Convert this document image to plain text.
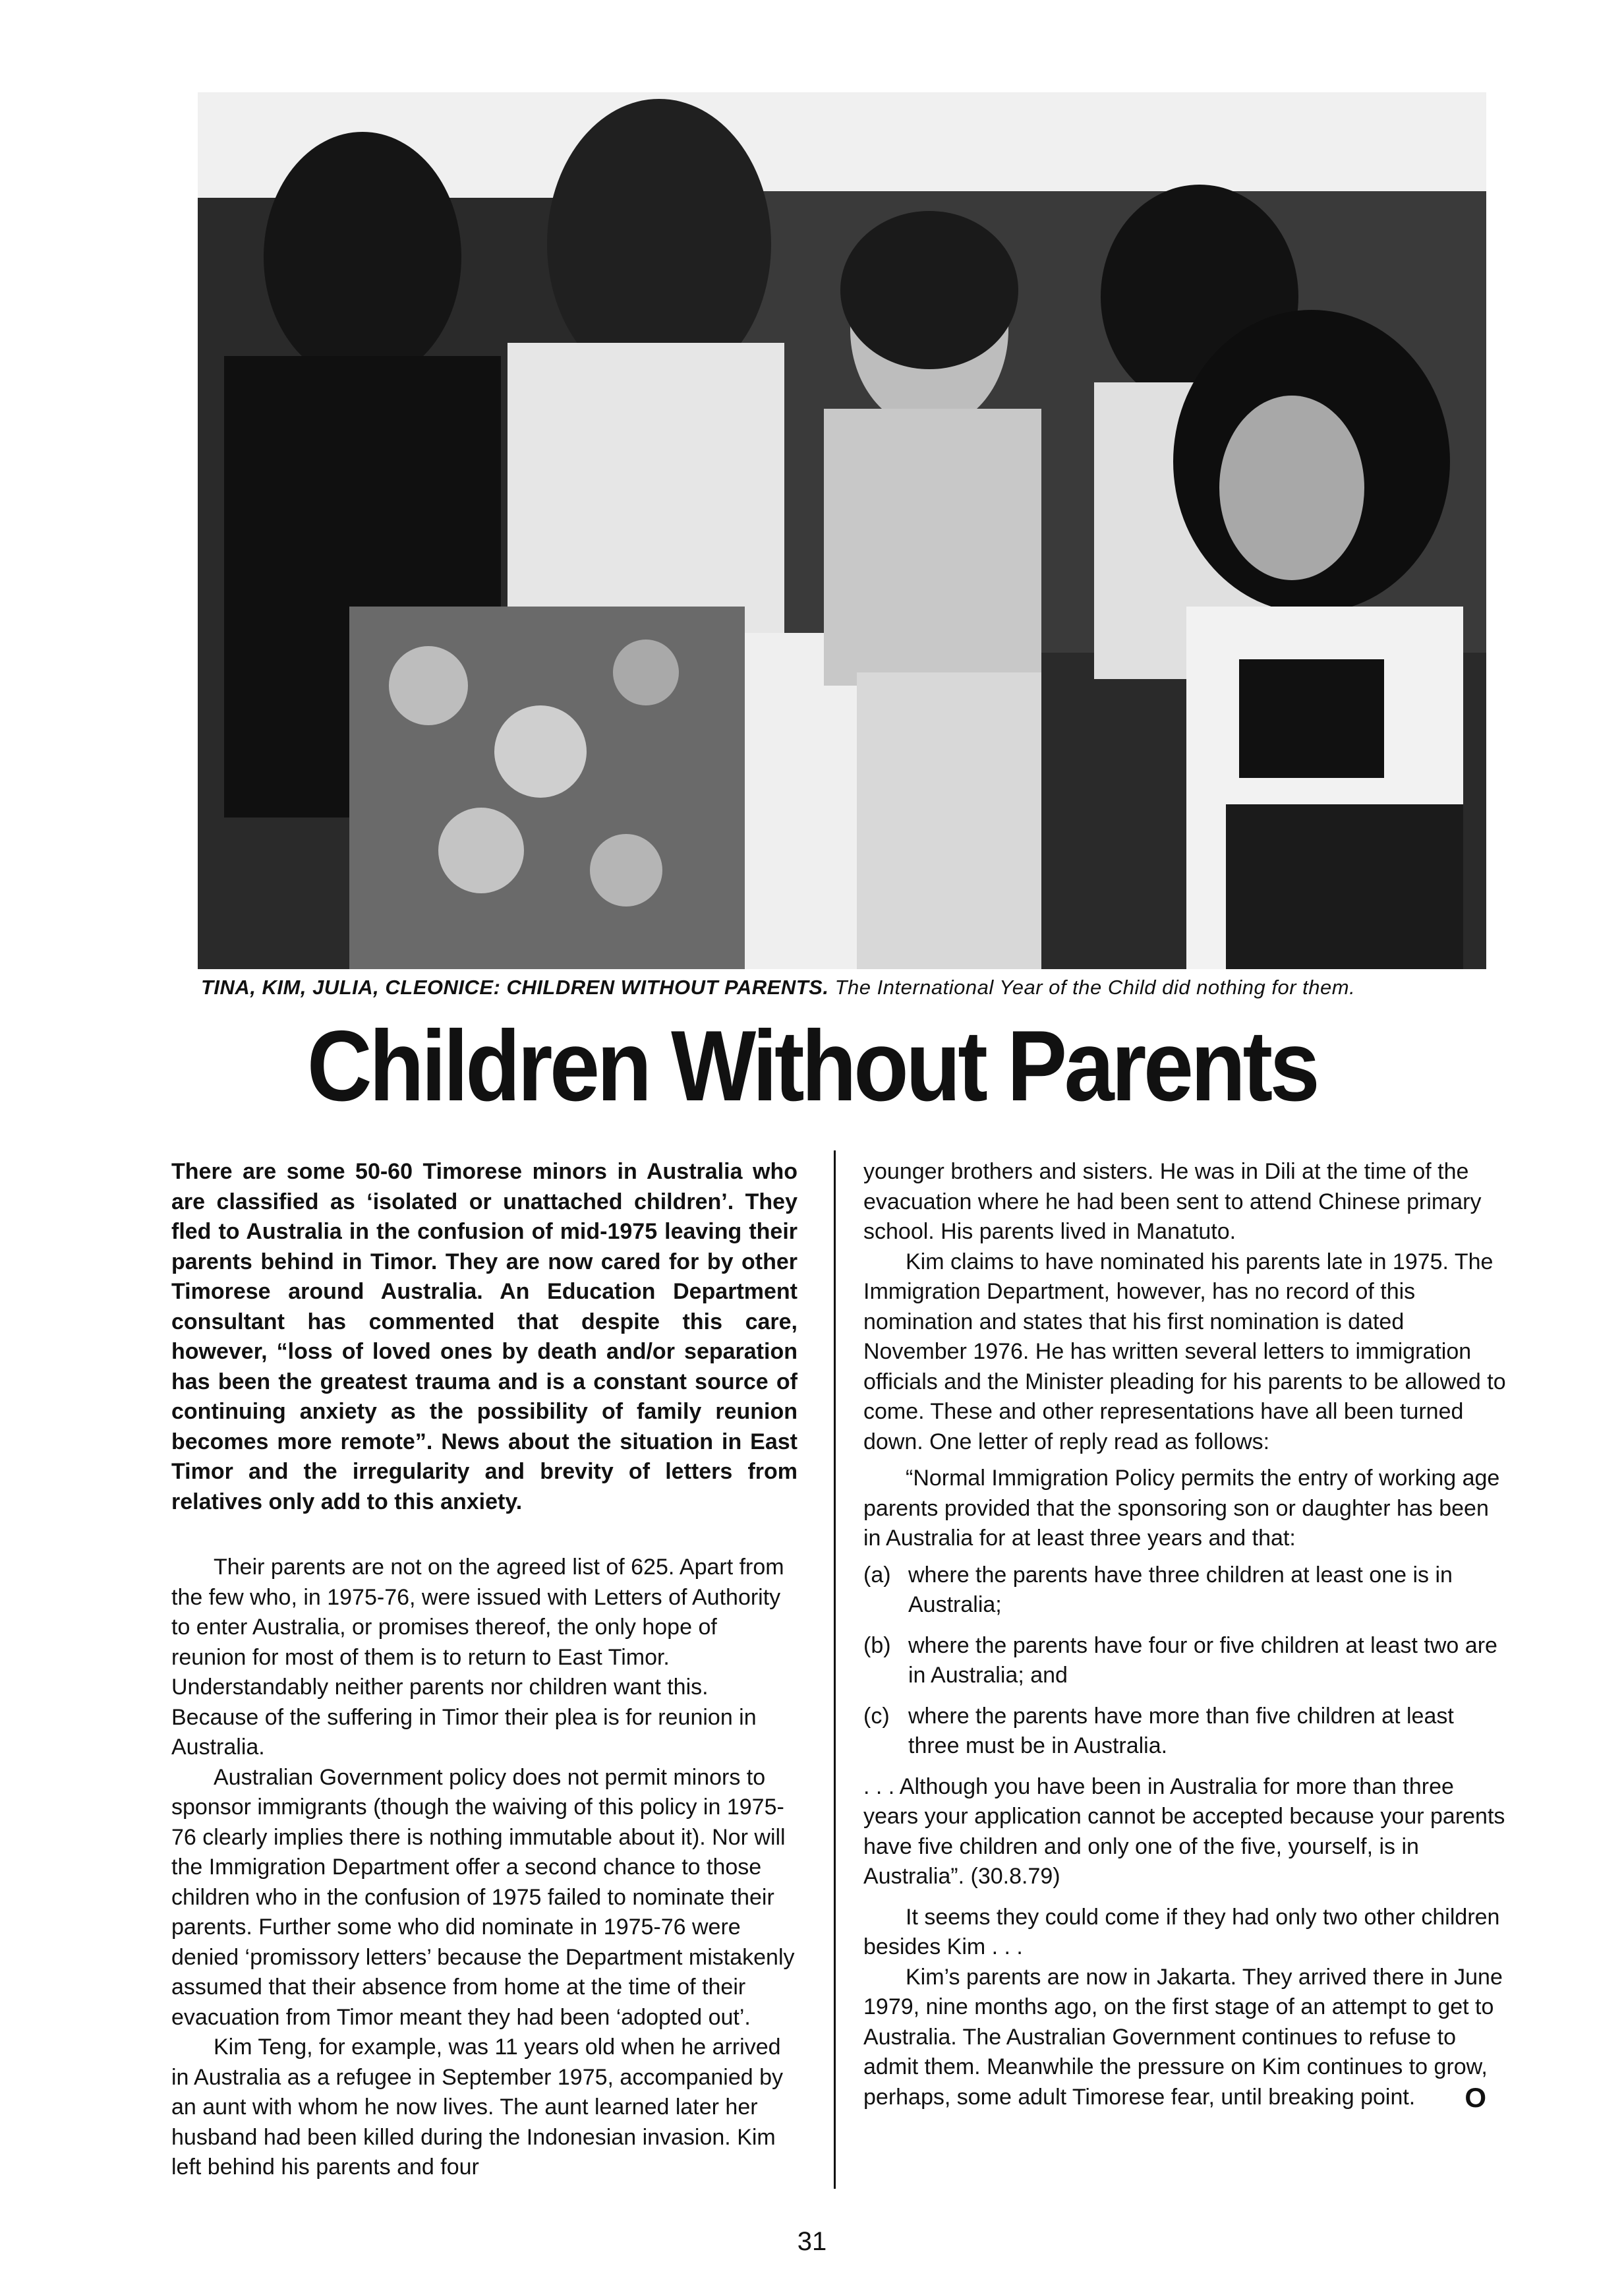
TINA, KIM, JULIA, CLEONICE: CHILDREN WITHOUT PARENTS. The International Year of the Child did nothing for them.
Children Without Parents

There are some 50-60 Timorese minors in Australia who are classified as ‘isolated or unattached children’. They fled to Australia in the confusion of mid-1975 leaving their parents behind in Timor. They are now cared for by other Timorese around Australia. An Education Department consultant has commented that despite this care, however, “loss of loved ones by death and/or separation has been the greatest trauma and is a constant source of continuing anxiety as the possibility of family reunion becomes more remote”. News about the situation in East Timor and the irregularity and brevity of letters from relatives only add to this anxiety.

Their parents are not on the agreed list of 625. Apart from the few who, in 1975-76, were issued with Letters of Authority to enter Australia, or promises thereof, the only hope of reunion for most of them is to return to East Timor. Understandably neither parents nor children want this. Because of the suffering in Timor their plea is for reunion in Australia.

Australian Government policy does not permit minors to sponsor immigrants (though the waiving of this policy in 1975-76 clearly implies there is nothing immutable about it). Nor will the Immigration Department offer a second chance to those children who in the confusion of 1975 failed to nominate their parents. Further some who did nominate in 1975-76 were denied ‘promissory letters’ because the Department mistakenly assumed that their absence from home at the time of their evacuation from Timor meant they had been ‘adopted out’.

Kim Teng, for example, was 11 years old when he arrived in Australia as a refugee in September 1975, accompanied by an aunt with whom he now lives. The aunt learned later her husband had been killed during the Indonesian invasion. Kim left behind his parents and four

younger brothers and sisters. He was in Dili at the time of the evacuation where he had been sent to attend Chinese primary school. His parents lived in Manatuto.

Kim claims to have nominated his parents late in 1975. The Immigration Department, however, has no record of this nomination and states that his first nomination is dated November 1976. He has written several letters to immigration officials and the Minister pleading for his parents to be allowed to come. These and other representations have all been turned down. One letter of reply read as follows:

“Normal Immigration Policy permits the entry of working age parents provided that the sponsoring son or daughter has been in Australia for at least three years and that:

(a) where the parents have three children at least one is in Australia;
(b) where the parents have four or five children at least two are in Australia; and
(c) where the parents have more than five children at least three must be in Australia.

. . . Although you have been in Australia for more than three years your application cannot be accepted because your parents have five children and only one of the five, yourself, is in Australia”. (30.8.79)

It seems they could come if they had only two other children besides Kim . . .

Kim’s parents are now in Jakarta. They arrived there in June 1979, nine months ago, on the first stage of an attempt to get to Australia. The Australian Government continues to refuse to admit them. Meanwhile the pressure on Kim continues to grow, perhaps, some adult Timorese fear, until breaking point.	O

31
